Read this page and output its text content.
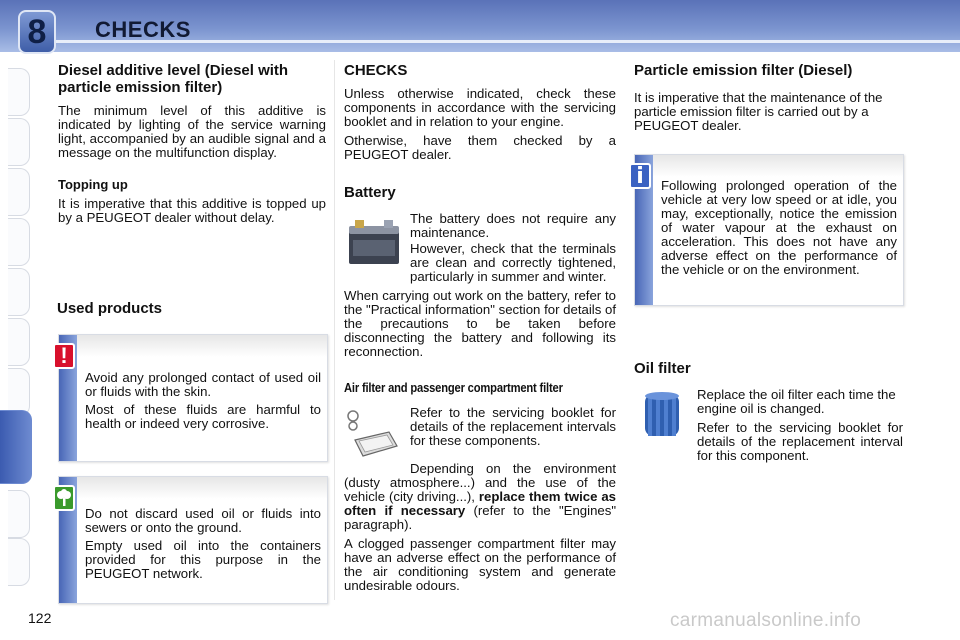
8	CHECKS
Diesel additive level (Diesel with particle emission filter)

The minimum level of this additive is indicated by lighting of the service warning light, accompanied by an audible signal and a message on the multifunction display.

Topping up

It is imperative that this additive is topped up by a PEUGEOT dealer without delay.

Used products

Avoid any prolonged contact of used oil or fluids with the skin.

Most of these fluids are harmful to health or indeed very corrosive.

!

Do not discard used oil or fluids into sewers or onto the ground.

Empty used oil into the containers provided for this purpose in the PEUGEOT network.

CHECKS

Unless otherwise indicated, check these components in accordance with the servicing booklet and in relation to your engine.

Otherwise, have them checked by a PEUGEOT dealer.

Battery

The battery does not require any maintenance.

However, check that the terminals are clean and correctly tightened, particularly in summer and winter.

When carrying out work on the battery, refer to the "Practical information" section for details of the precautions to be taken before disconnecting the battery and following its reconnection.

Air filter and passenger compartment filter

Refer to the servicing booklet for details of the replacement intervals for these components.

Depending on the environment (dusty atmosphere...) and the use of the vehicle (city driving...), replace them twice as often if necessary (refer to the "Engines" paragraph).

A clogged passenger compartment filter may have an adverse effect on the performance of the air conditioning system and generate undesirable odours.

Particle emission filter (Diesel)

It is imperative that the maintenance of the particle emission filter is carried out by a PEUGEOT dealer.

Following prolonged operation of the vehicle at very low speed or at idle, you may, exceptionally, notice the emission of water vapour at the exhaust on acceleration. This does not have any adverse effect on the performance of the vehicle or on the environment.

i
Oil filter

Replace the oil filter each time the engine oil is changed.

Refer to the servicing booklet for details of the replacement interval for this component.

122	carmanualsonline.info
